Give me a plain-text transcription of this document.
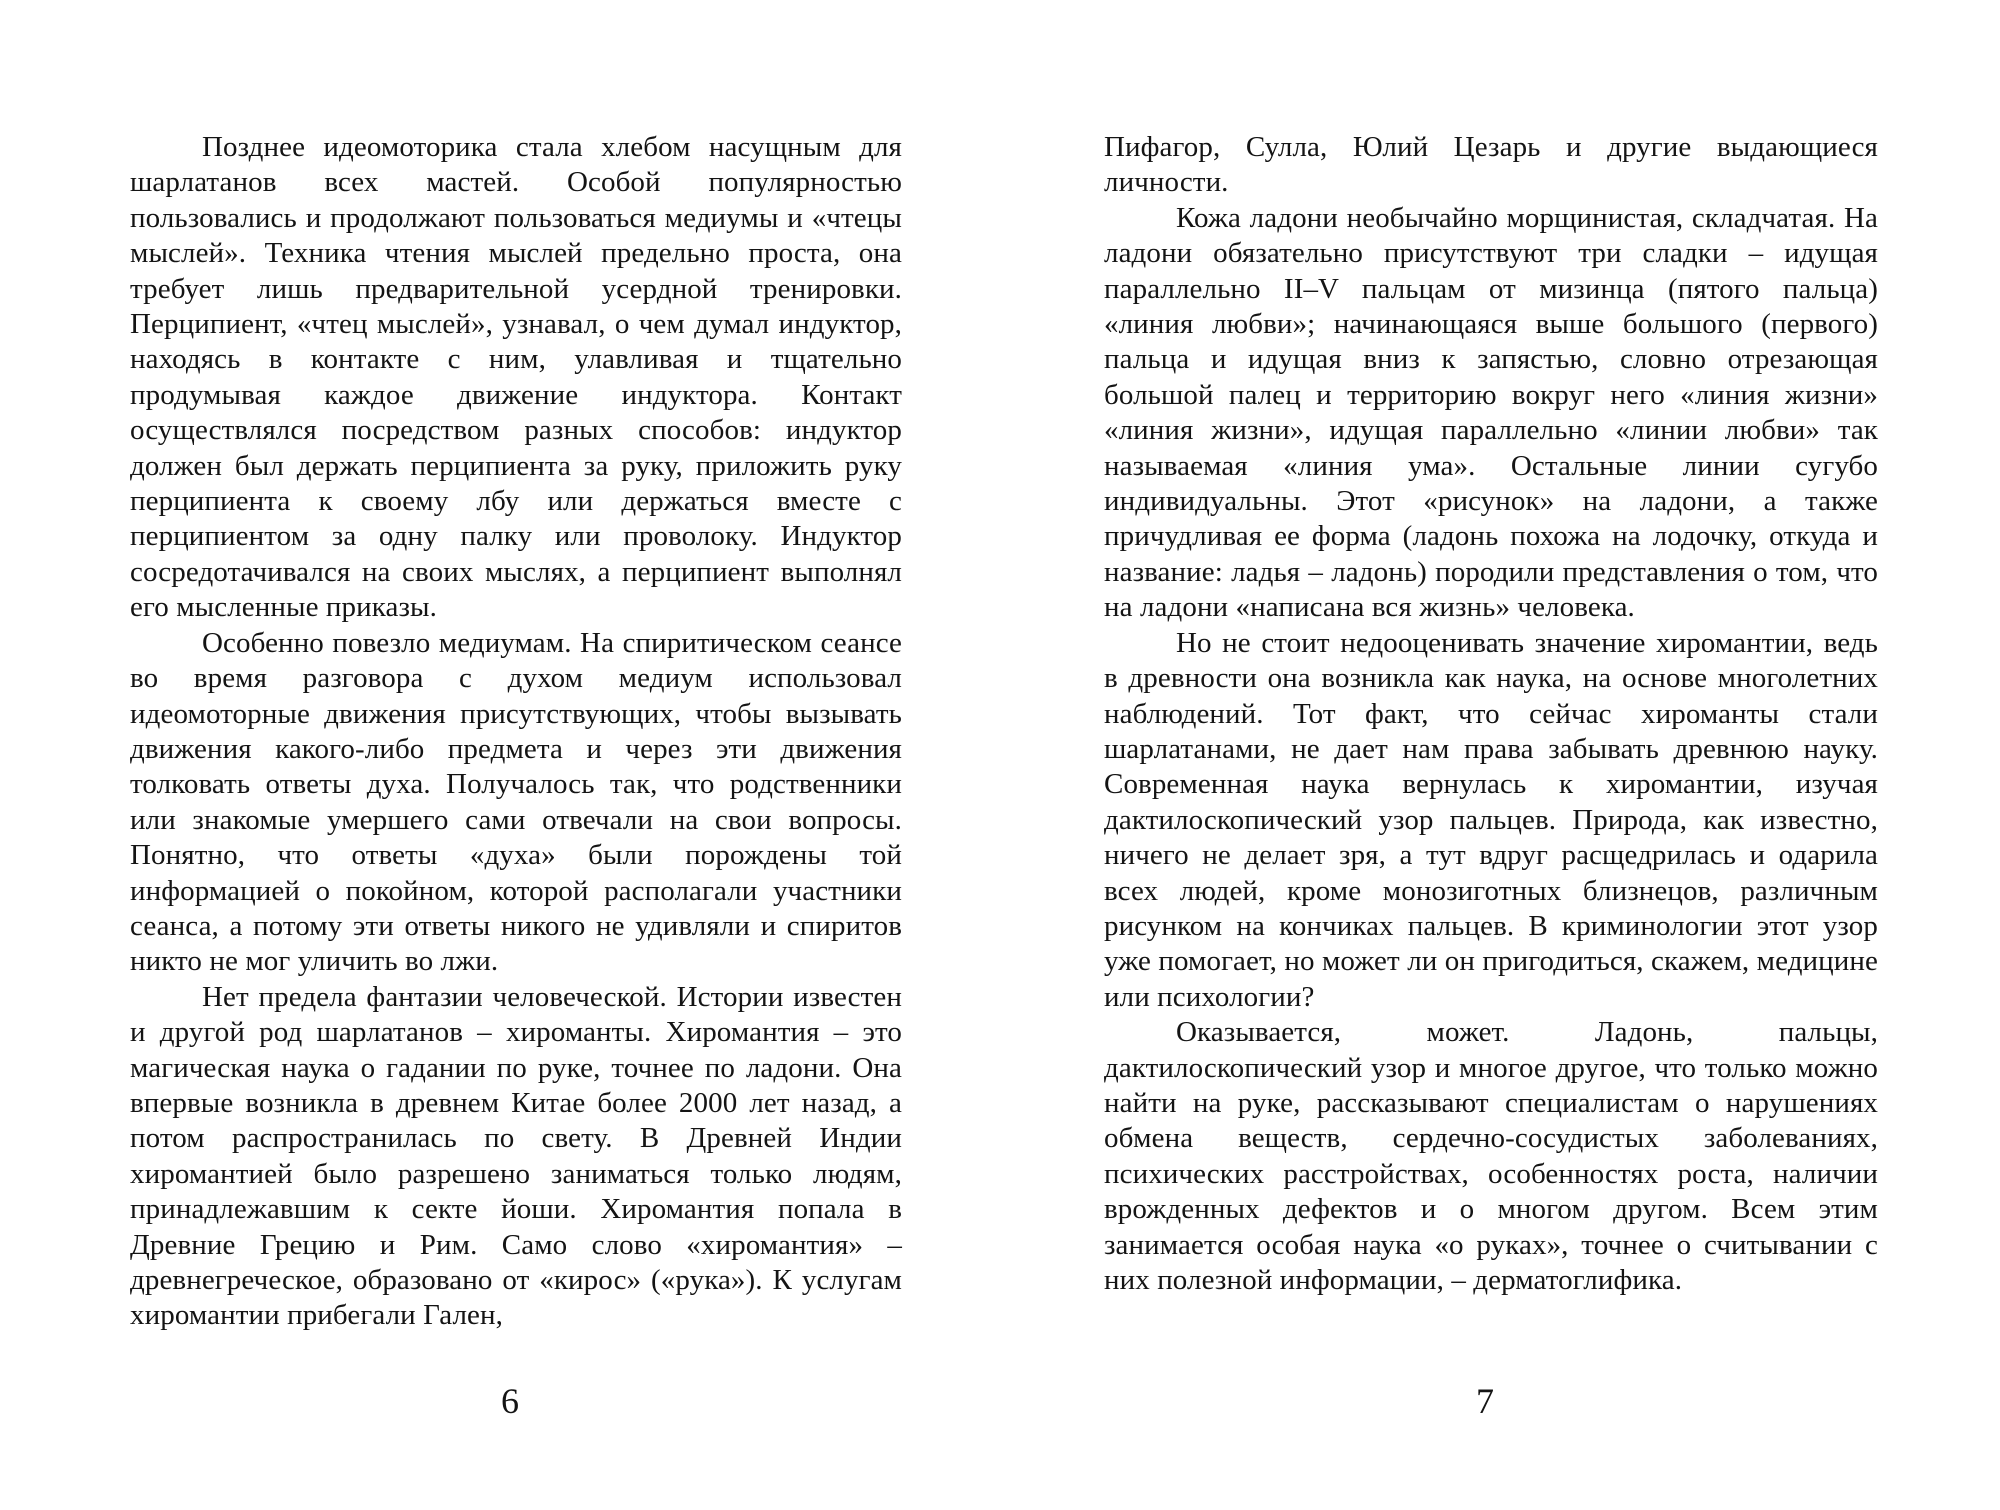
Позднее идеомоторика стала хлебом насущным для шарлатанов всех мастей. Особой популярностью пользовались и продолжают пользоваться медиумы и «чтецы мыслей». Техника чтения мыслей предельно проста, она требует лишь предварительной усердной тренировки. Перципиент, «чтец мыслей», узнавал, о чем думал индуктор, находясь в контакте с ним, улавливая и тщательно продумывая каждое движение индуктора. Контакт осуществлялся посредством разных способов: индуктор должен был держать перципиента за руку, приложить руку перципиента к своему лбу или держаться вместе с перципиентом за одну палку или проволоку. Индуктор сосредотачивался на своих мыслях, а перципиент выполнял его мысленные приказы.

Особенно повезло медиумам. На спиритическом сеансе во время разговора с духом медиум использовал идеомоторные движения присутствующих, чтобы вызывать движения какого-либо предмета и через эти движения толковать ответы духа. Получалось так, что родственники или знакомые умершего сами отвечали на свои вопросы. Понятно, что ответы «духа» были порождены той информацией о покойном, которой располагали участники сеанса, а потому эти ответы никого не удивляли и спиритов никто не мог уличить во лжи.

Нет предела фантазии человеческой. Истории известен и другой род шарлатанов – хироманты. Хиромантия – это магическая наука о гадании по руке, точнее по ладони. Она впервые возникла в древнем Китае более 2000 лет назад, а потом распространилась по свету. В Древней Индии хиромантией было разрешено заниматься только людям, принадлежавшим к секте йоши. Хиромантия попала в Древние Грецию и Рим. Само слово «хиромантия» – древнегреческое, образовано от «кирос» («рука»). К услугам хиромантии прибегали Гален,

6

Пифагор, Сулла, Юлий Цезарь и другие выдающиеся личности.

Кожа ладони необычайно морщинистая, складчатая. На ладони обязательно присутствуют три сладки – идущая параллельно II–V пальцам от мизинца (пятого пальца) «линия любви»; начинающаяся выше большого (первого) пальца и идущая вниз к запястью, словно отрезающая большой палец и территорию вокруг него «линия жизни» «линия жизни», идущая параллельно «линии любви» так называемая «линия ума». Остальные линии сугубо индивидуальны. Этот «рисунок» на ладони, а также причудливая ее форма (ладонь похожа на лодочку, откуда и название: ладья – ладонь) породили представления о том, что на ладони «написана вся жизнь» человека.

Но не стоит недооценивать значение хиромантии, ведь в древности она возникла как наука, на основе многолетних наблюдений. Тот факт, что сейчас хироманты стали шарлатанами, не дает нам права забывать древнюю науку. Современная наука вернулась к хиромантии, изучая дактилоскопический узор пальцев. Природа, как известно, ничего не делает зря, а тут вдруг расщедрилась и одарила всех людей, кроме монозиготных близнецов, различным рисунком на кончиках пальцев. В криминологии этот узор уже помогает, но может ли он пригодиться, скажем, медицине или психологии?

Оказывается, может. Ладонь, пальцы, дактилоскопический узор и многое другое, что только можно найти на руке, рассказывают специалистам о нарушениях обмена веществ, сердечно-сосудистых заболеваниях, психических расстройствах, особенностях роста, наличии врожденных дефектов и о многом другом. Всем этим занимается особая наука «о руках», точнее о считывании с них полезной информации, – дерматоглифика.

7
